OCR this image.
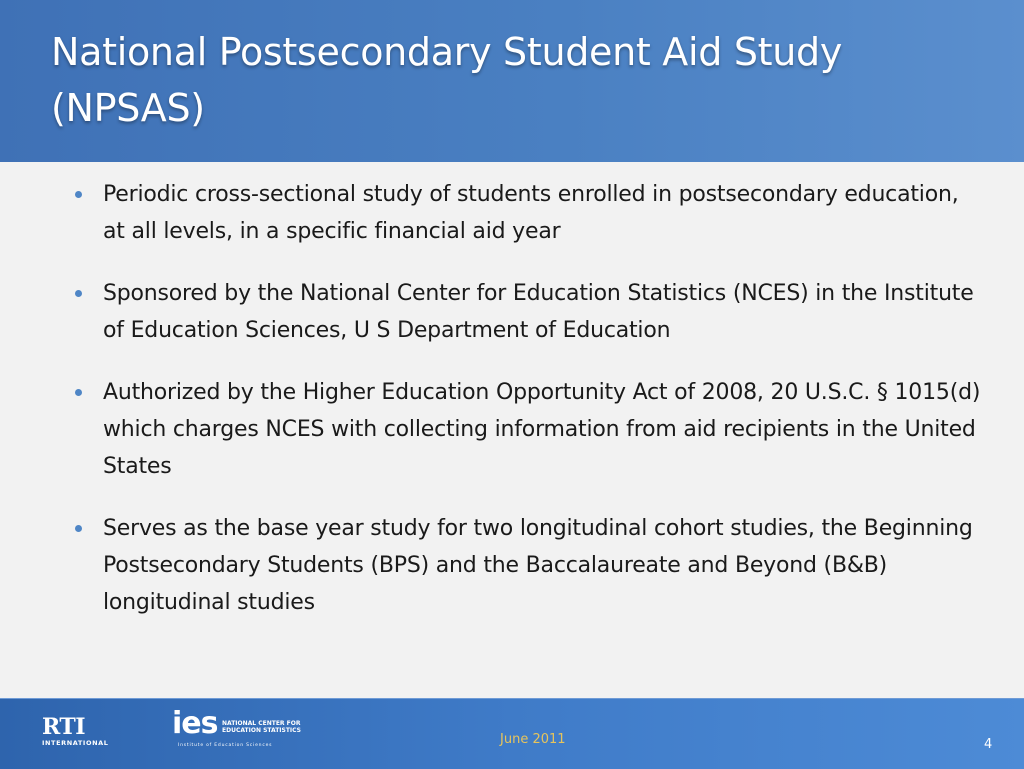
National Postsecondary Student Aid Study (NPSAS)
Periodic cross-sectional study of students enrolled in postsecondary education, at all levels, in a specific financial aid year
Sponsored by the National Center for Education Statistics (NCES) in the Institute of Education Sciences, U S Department of Education
Authorized by the Higher Education Opportunity Act of 2008, 20 U.S.C. § 1015(d) which charges NCES with collecting information from aid recipients in the United States
Serves as the base year study for two longitudinal cohort studies, the Beginning Postsecondary Students (BPS) and the Baccalaureate and Beyond (B&B) longitudinal studies
RTI
INTERNATIONAL
ies NATIONAL CENTER FOR EDUCATION STATISTICS
Institute of Education Sciences	June 2011	4
